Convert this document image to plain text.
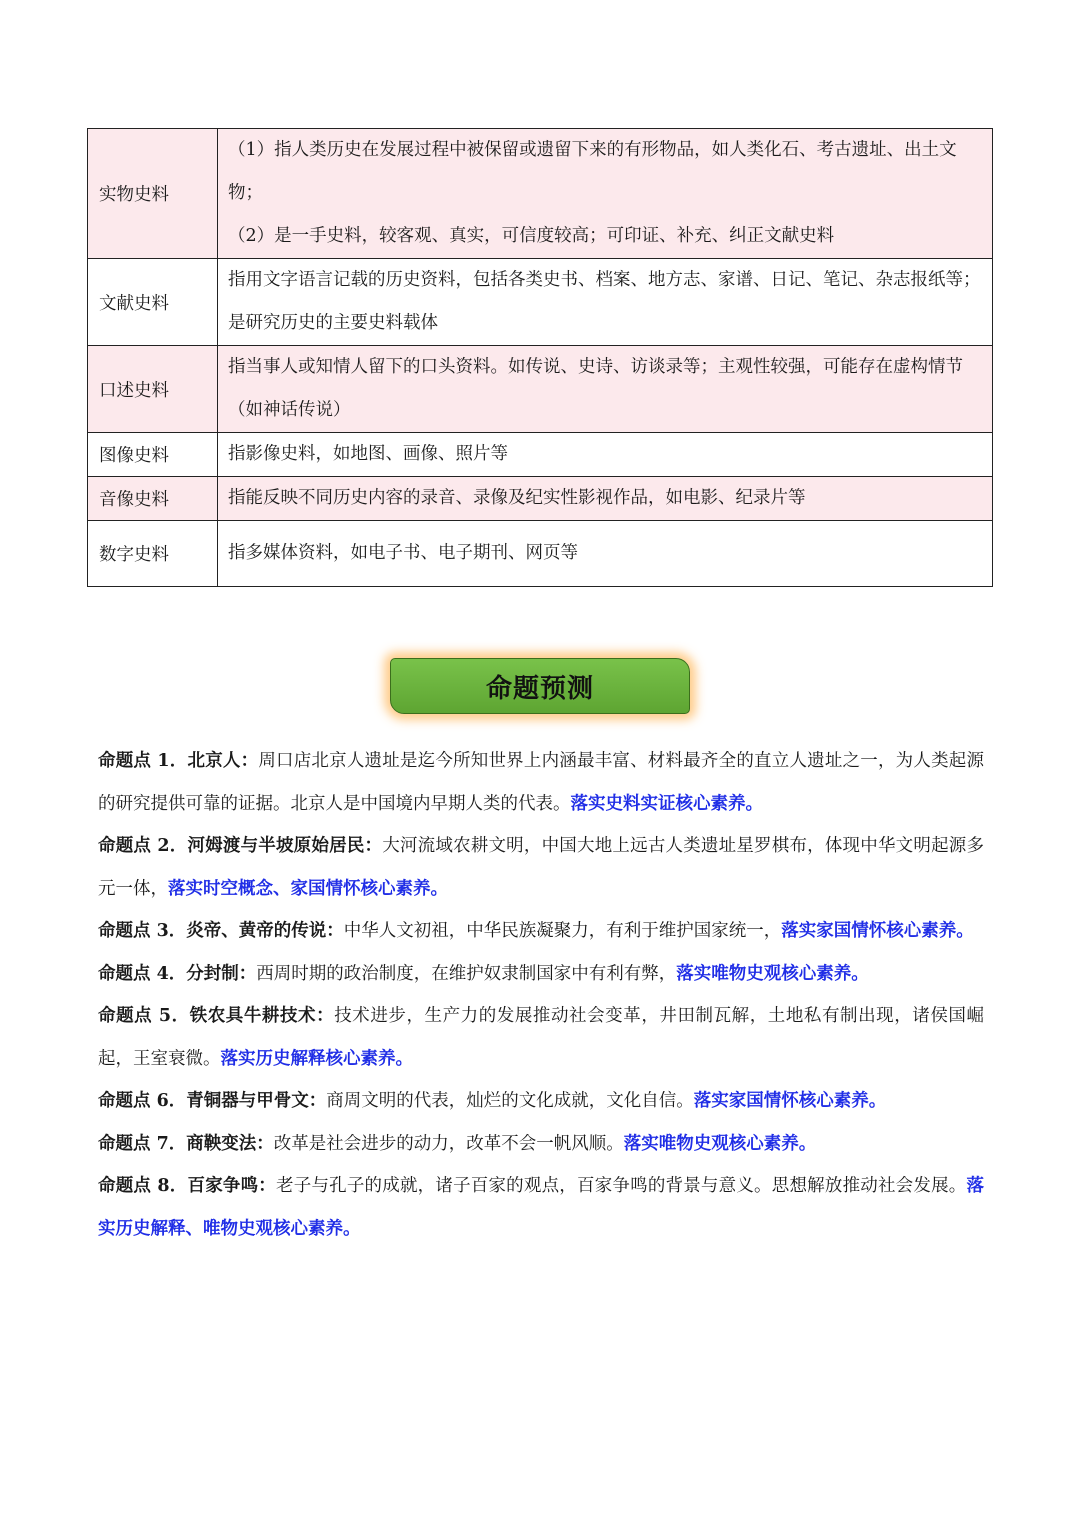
实物史料	（1）指人类历史在发展过程中被保留或遗留下来的有形物品，如人类化石、考古遗址、出土文物；

（2）是一手史料，较客观、真实，可信度较高；可印证、补充、纠正文献史料

文献史料	指用文字语言记载的历史资料，包括各类史书、档案、地方志、家谱、日记、笔记、杂志报纸等；是研究历史的主要史料载体

口述史料	指当事人或知情人留下的口头资料。如传说、史诗、访谈录等；主观性较强，可能存在虚构情节（如神话传说）

图像史料	指影像史料，如地图、画像、照片等

音像史料	指能反映不同历史内容的录音、录像及纪实性影视作品，如电影、纪录片等

数字史料	指多媒体资料，如电子书、电子期刊、网页等

命题预测

命题点 1．北京人：周口店北京人遗址是迄今所知世界上内涵最丰富、材料最齐全的直立人遗址之一，为人类起源的研究提供可靠的证据。北京人是中国境内早期人类的代表。落实史料实证核心素养。

命题点 2．河姆渡与半坡原始居民：大河流域农耕文明，中国大地上远古人类遗址星罗棋布，体现中华文明起源多元一体，落实时空概念、家国情怀核心素养。

命题点 3．炎帝、黄帝的传说：中华人文初祖，中华民族凝聚力，有利于维护国家统一，落实家国情怀核心素养。

命题点 4．分封制：西周时期的政治制度，在维护奴隶制国家中有利有弊，落实唯物史观核心素养。

命题点 5．铁农具牛耕技术：技术进步，生产力的发展推动社会变革，井田制瓦解，土地私有制出现，诸侯国崛起，王室衰微。落实历史解释核心素养。

命题点 6．青铜器与甲骨文：商周文明的代表，灿烂的文化成就，文化自信。落实家国情怀核心素养。

命题点 7．商鞅变法：改革是社会进步的动力，改革不会一帆风顺。落实唯物史观核心素养。

命题点 8．百家争鸣：老子与孔子的成就，诸子百家的观点，百家争鸣的背景与意义。思想解放推动社会发展。落实历史解释、唯物史观核心素养。
